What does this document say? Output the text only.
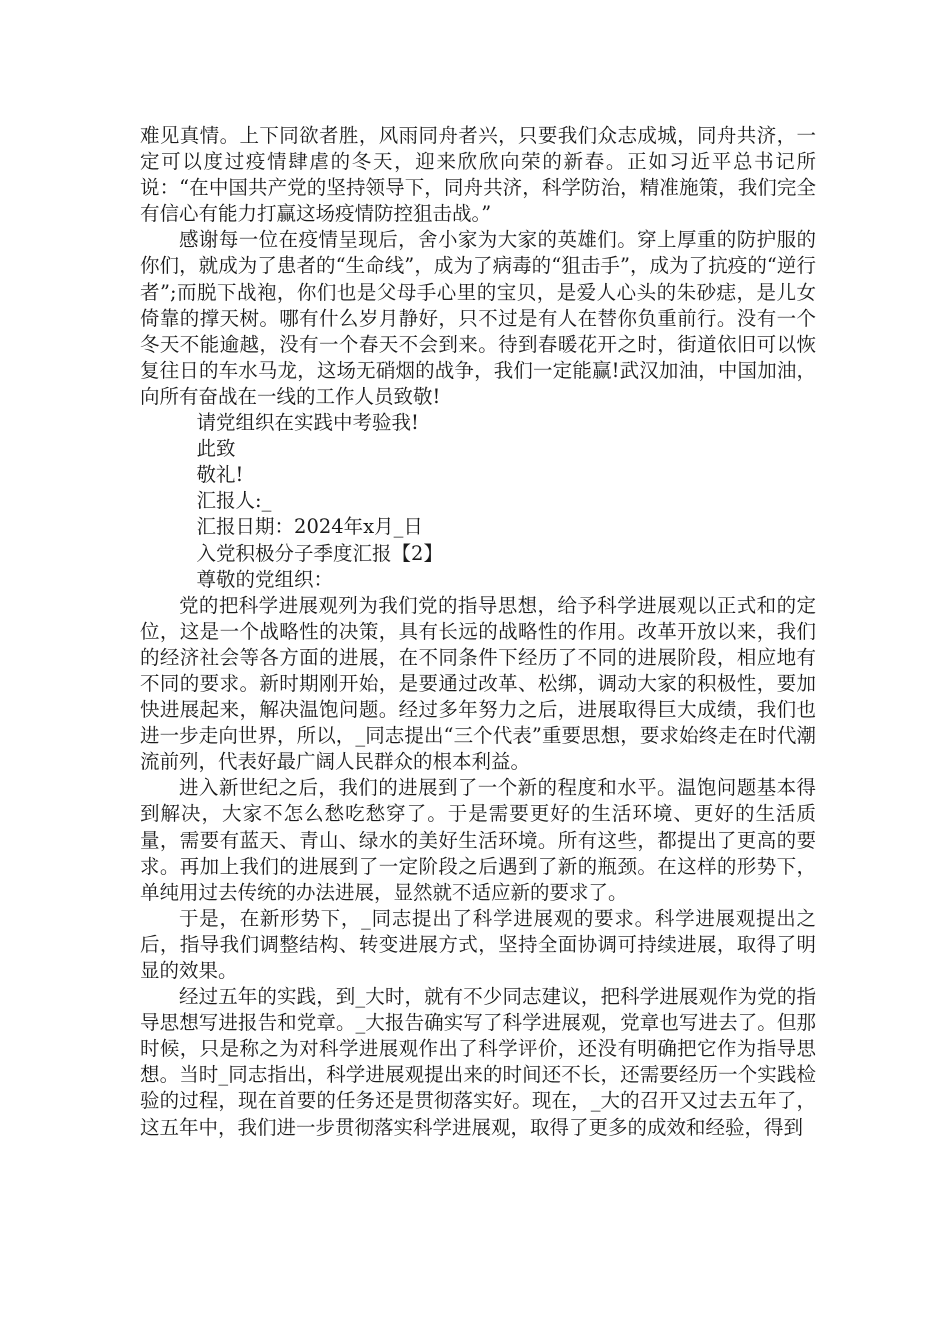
难见真情。上下同欲者胜，风雨同舟者兴，只要我们众志成城，同舟共济，一定可以度过疫情肆虐的冬天，迎来欣欣向荣的新春。正如习近平总书记所说：“在中国共产党的坚持领导下，同舟共济，科学防治，精准施策，我们完全有信心有能力打赢这场疫情防控狙击战。”

感谢每一位在疫情呈现后，舍小家为大家的英雄们。穿上厚重的防护服的你们，就成为了患者的“生命线”，成为了病毒的“狙击手”，成为了抗疫的“逆行者”;而脱下战袍，你们也是父母手心里的宝贝，是爱人心头的朱砂痣，是儿女倚靠的撑天树。哪有什么岁月静好，只不过是有人在替你负重前行。没有一个冬天不能逾越，没有一个春天不会到来。待到春暖花开之时，街道依旧可以恢复往日的车水马龙，这场无硝烟的战争，我们一定能赢!武汉加油，中国加油，向所有奋战在一线的工作人员致敬!

请党组织在实践中考验我!

此致

敬礼!

汇报人:_

汇报日期：2024年x月_日

入党积极分子季度汇报【2】

尊敬的党组织：

党的把科学进展观列为我们党的指导思想，给予科学进展观以正式和的定位，这是一个战略性的决策，具有长远的战略性的作用。改革开放以来，我们的经济社会等各方面的进展，在不同条件下经历了不同的进展阶段，相应地有不同的要求。新时期刚开始，是要通过改革、松绑，调动大家的积极性，要加快进展起来，解决温饱问题。经过多年努力之后，进展取得巨大成绩，我们也进一步走向世界，所以，_同志提出“三个代表”重要思想，要求始终走在时代潮流前列，代表好最广阔人民群众的根本利益。

进入新世纪之后，我们的进展到了一个新的程度和水平。温饱问题基本得到解决，大家不怎么愁吃愁穿了。于是需要更好的生活环境、更好的生活质量，需要有蓝天、青山、绿水的美好生活环境。所有这些，都提出了更高的要求。再加上我们的进展到了一定阶段之后遇到了新的瓶颈。在这样的形势下，单纯用过去传统的办法进展，显然就不适应新的要求了。

于是，在新形势下，_同志提出了科学进展观的要求。科学进展观提出之后，指导我们调整结构、转变进展方式，坚持全面协调可持续进展，取得了明显的效果。

经过五年的实践，到_大时，就有不少同志建议，把科学进展观作为党的指导思想写进报告和党章。_大报告确实写了科学进展观，党章也写进去了。但那时候，只是称之为对科学进展观作出了科学评价，还没有明确把它作为指导思想。当时_同志指出，科学进展观提出来的时间还不长，还需要经历一个实践检验的过程，现在首要的任务还是贯彻落实好。现在，_大的召开又过去五年了，这五年中，我们进一步贯彻落实科学进展观，取得了更多的成效和经验，得到
